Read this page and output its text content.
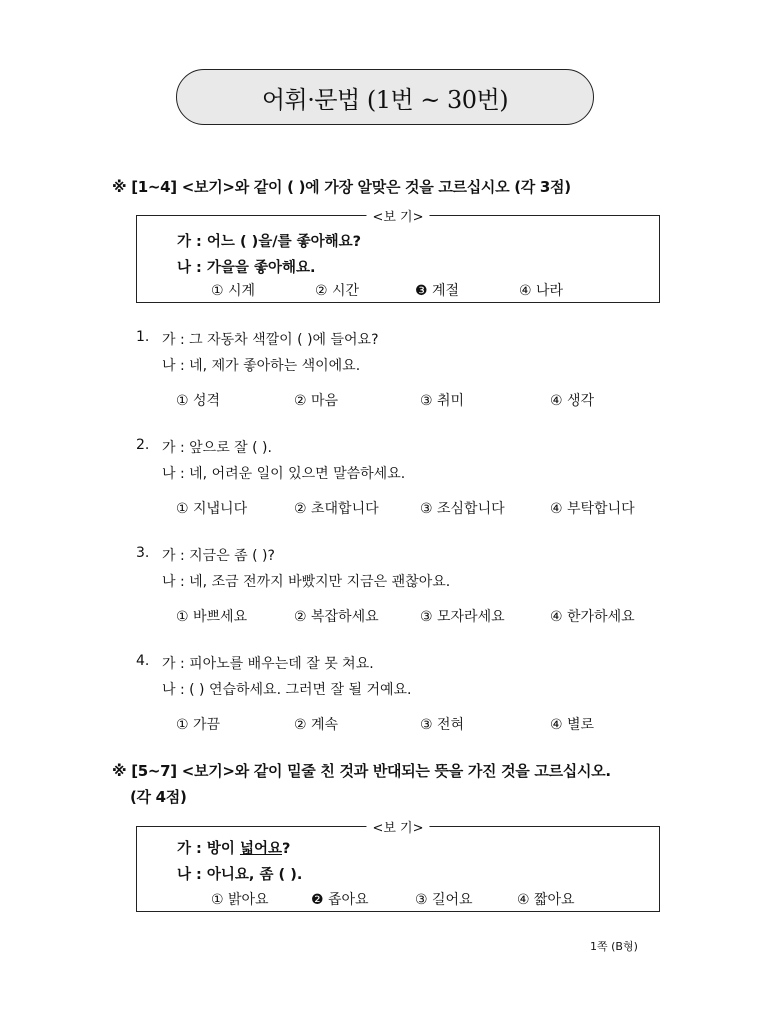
어휘·문법 (1번 ~ 30번)
※ [1~4] <보기>와 같이 ( )에 가장 알맞은 것을 고르십시오 (각 3점)
<보 기>
가 : 어느 ( )을/를 좋아해요?
나 : 가을을 좋아해요.
① 시계	② 시간	❸ 계절	④ 나라
1. 가 : 그 자동차 색깔이 ( )에 들어요?
나 : 네, 제가 좋아하는 색이에요.
① 성격	② 마음	③ 취미	④ 생각
2. 가 : 앞으로 잘 ( ).
나 : 네, 어려운 일이 있으면 말씀하세요.
① 지냅니다	② 초대합니다	③ 조심합니다	④ 부탁합니다
3. 가 : 지금은 좀 ( )?
나 : 네, 조금 전까지 바빴지만 지금은 괜찮아요.
① 바쁘세요	② 복잡하세요	③ 모자라세요	④ 한가하세요
4. 가 : 피아노를 배우는데 잘 못 쳐요.
나 : ( ) 연습하세요. 그러면 잘 될 거예요.
① 가끔	② 계속	③ 전혀	④ 별로
※ [5~7] <보기>와 같이 밑줄 친 것과 반대되는 뜻을 가진 것을 고르십시오.
(각 4점)
<보 기>
가 : 방이 넓어요?
나 : 아니요, 좀 ( ).
① 밝아요	❷ 좁아요	③ 길어요	④ 짧아요
1쪽 (B형)
